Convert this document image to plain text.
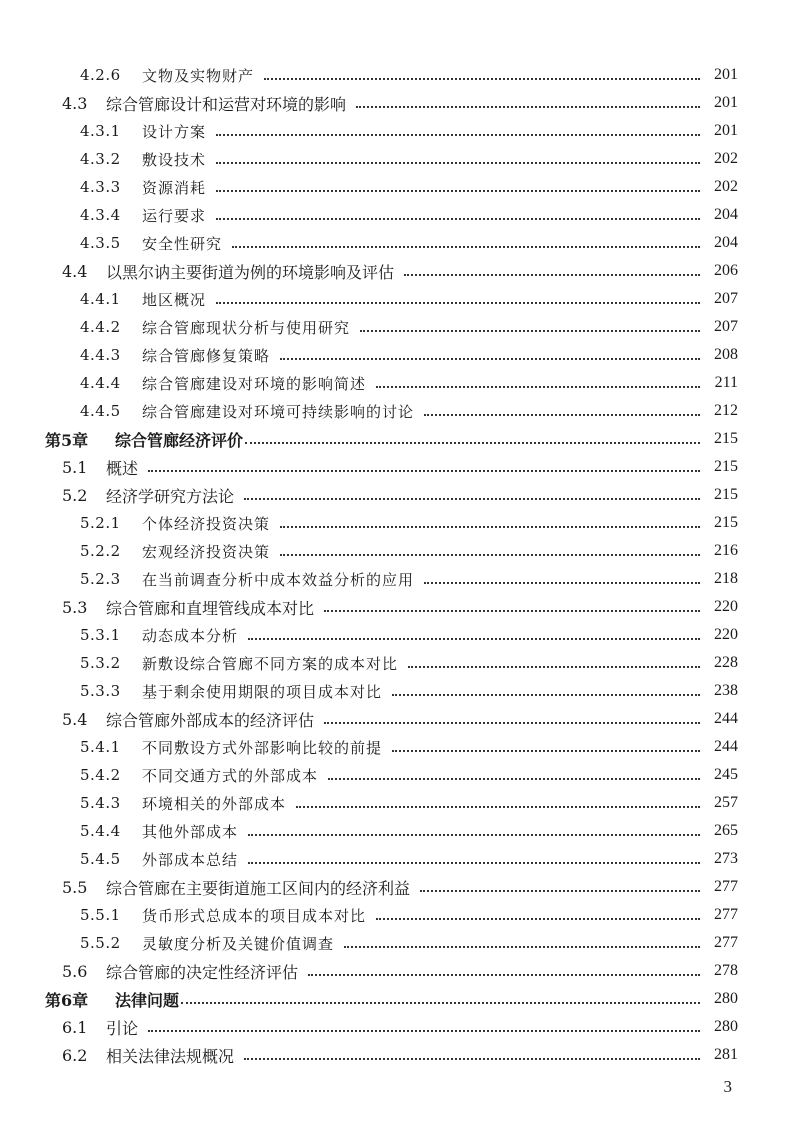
4.2.6	文物及实物财产	201
4.3	综合管廊设计和运营对环境的影响	201
4.3.1	设计方案	201
4.3.2	敷设技术	202
4.3.3	资源消耗	202
4.3.4	运行要求	204
4.3.5	安全性研究	204
4.4	以黑尔讷主要街道为例的环境影响及评估	206
4.4.1	地区概况	207
4.4.2	综合管廊现状分析与使用研究	207
4.4.3	综合管廊修复策略	208
4.4.4	综合管廊建设对环境的影响简述	211
4.4.5	综合管廊建设对环境可持续影响的讨论	212
第5章	综合管廊经济评价	215
5.1	概述	215
5.2	经济学研究方法论	215
5.2.1	个体经济投资决策	215
5.2.2	宏观经济投资决策	216
5.2.3	在当前调查分析中成本效益分析的应用	218
5.3	综合管廊和直埋管线成本对比	220
5.3.1	动态成本分析	220
5.3.2	新敷设综合管廊不同方案的成本对比	228
5.3.3	基于剩余使用期限的项目成本对比	238
5.4	综合管廊外部成本的经济评估	244
5.4.1	不同敷设方式外部影响比较的前提	244
5.4.2	不同交通方式的外部成本	245
5.4.3	环境相关的外部成本	257
5.4.4	其他外部成本	265
5.4.5	外部成本总结	273
5.5	综合管廊在主要街道施工区间内的经济利益	277
5.5.1	货币形式总成本的项目成本对比	277
5.5.2	灵敏度分析及关键价值调查	277
5.6	综合管廊的决定性经济评估	278
第6章	法律问题	280
6.1	引论	280
6.2	相关法律法规概况	281
3
